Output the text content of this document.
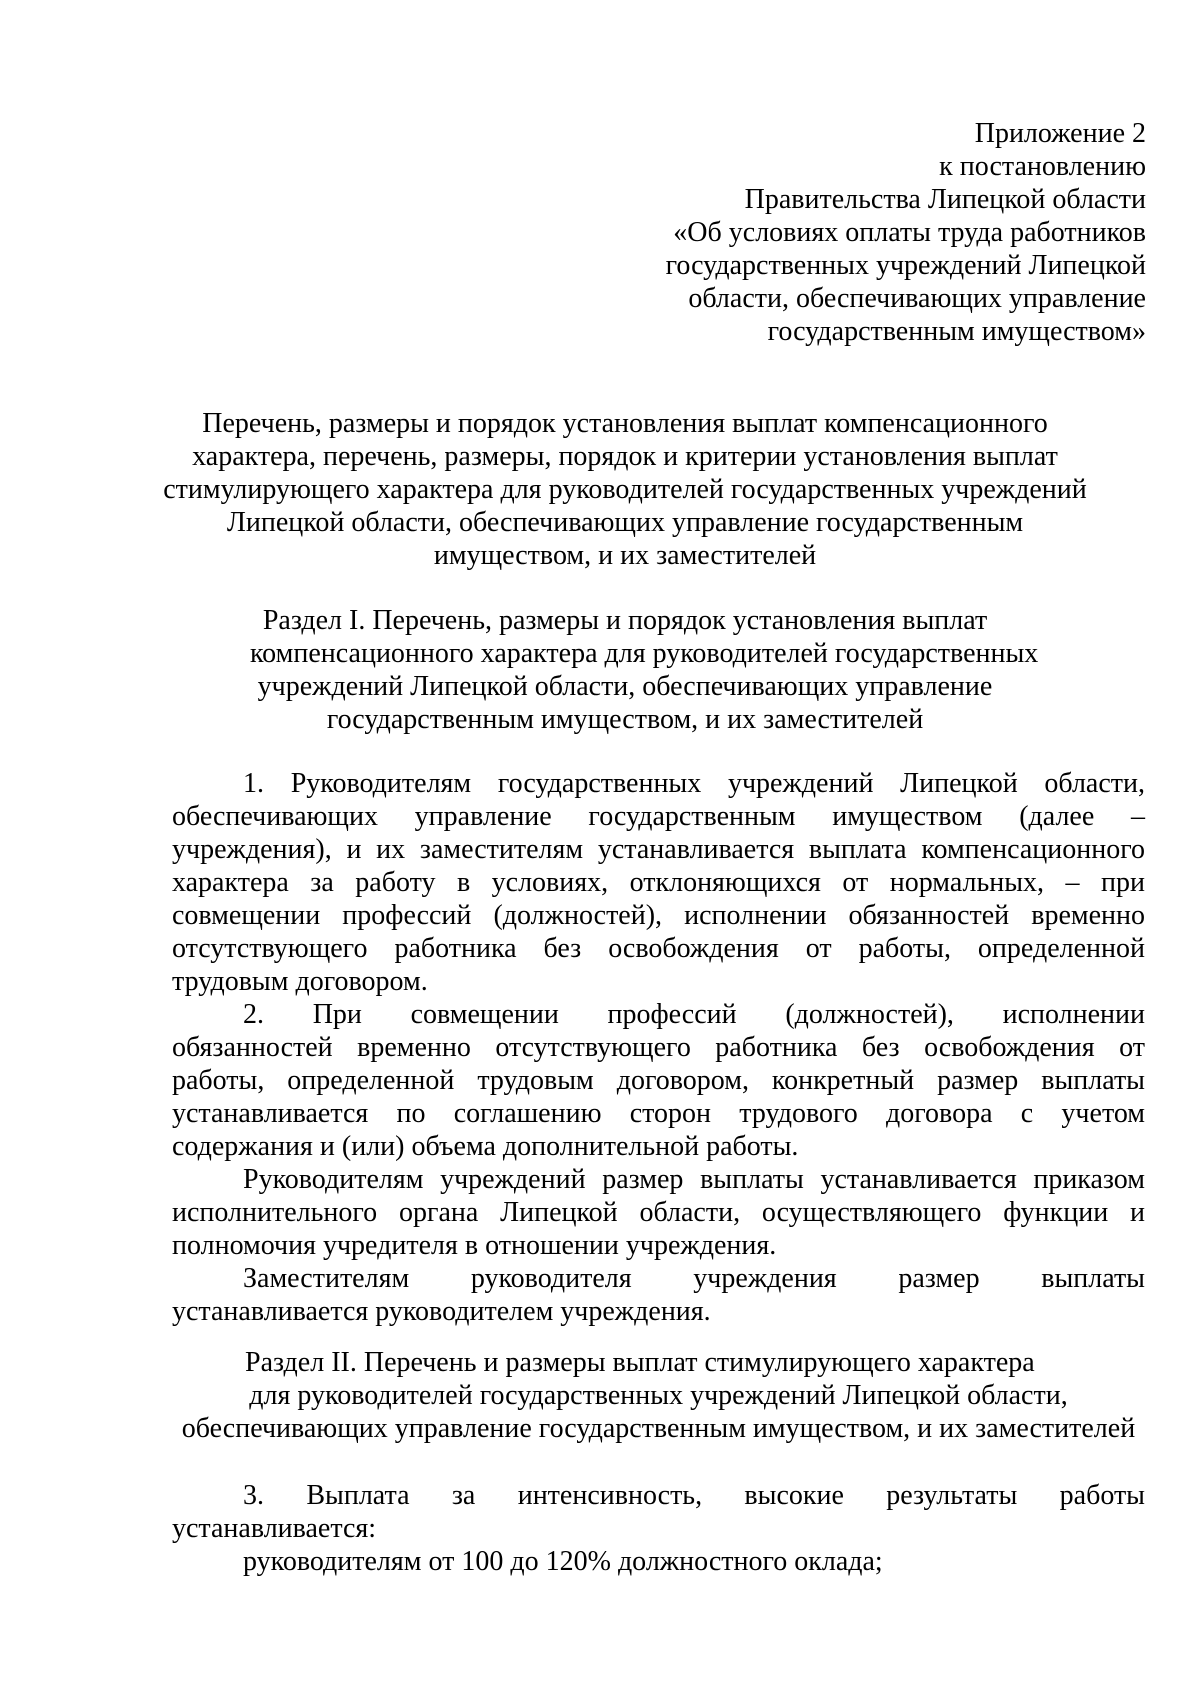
Приложение 2
к постановлению
Правительства Липецкой области
«Об условиях оплаты труда работников
государственных учреждений Липецкой
области, обеспечивающих управление
государственным имуществом»
Перечень, размеры и порядок установления выплат компенсационного
характера, перечень, размеры, порядок и критерии установления выплат
стимулирующего характера для руководителей государственных учреждений
Липецкой области, обеспечивающих управление государственным
имуществом, и их заместителей
Раздел I. Перечень, размеры и порядок установления выплат
компенсационного характера для руководителей государственных
учреждений Липецкой области, обеспечивающих управление
государственным имуществом, и их заместителей
1. Руководителям государственных учреждений Липецкой области,
обеспечивающих управление государственным имуществом (далее –
учреждения), и их заместителям устанавливается выплата компенсационного
характера за работу в условиях, отклоняющихся от нормальных, – при
совмещении профессий (должностей), исполнении обязанностей временно
отсутствующего работника без освобождения от работы, определенной
трудовым договором.
2. При совмещении профессий (должностей), исполнении
обязанностей временно отсутствующего работника без освобождения от
работы, определенной трудовым договором, конкретный размер выплаты
устанавливается по соглашению сторон трудового договора с учетом
содержания и (или) объема дополнительной работы.
Руководителям учреждений размер выплаты устанавливается приказом
исполнительного органа Липецкой области, осуществляющего функции и
полномочия учредителя в отношении учреждения.
Заместителям руководителя учреждения размер выплаты
устанавливается руководителем учреждения.
Раздел II. Перечень и размеры выплат стимулирующего характера
для руководителей государственных учреждений Липецкой области,
обеспечивающих управление государственным имуществом, и их заместителей
3. Выплата за интенсивность, высокие результаты работы
устанавливается:
руководителям от 100 до 120% должностного оклада;
